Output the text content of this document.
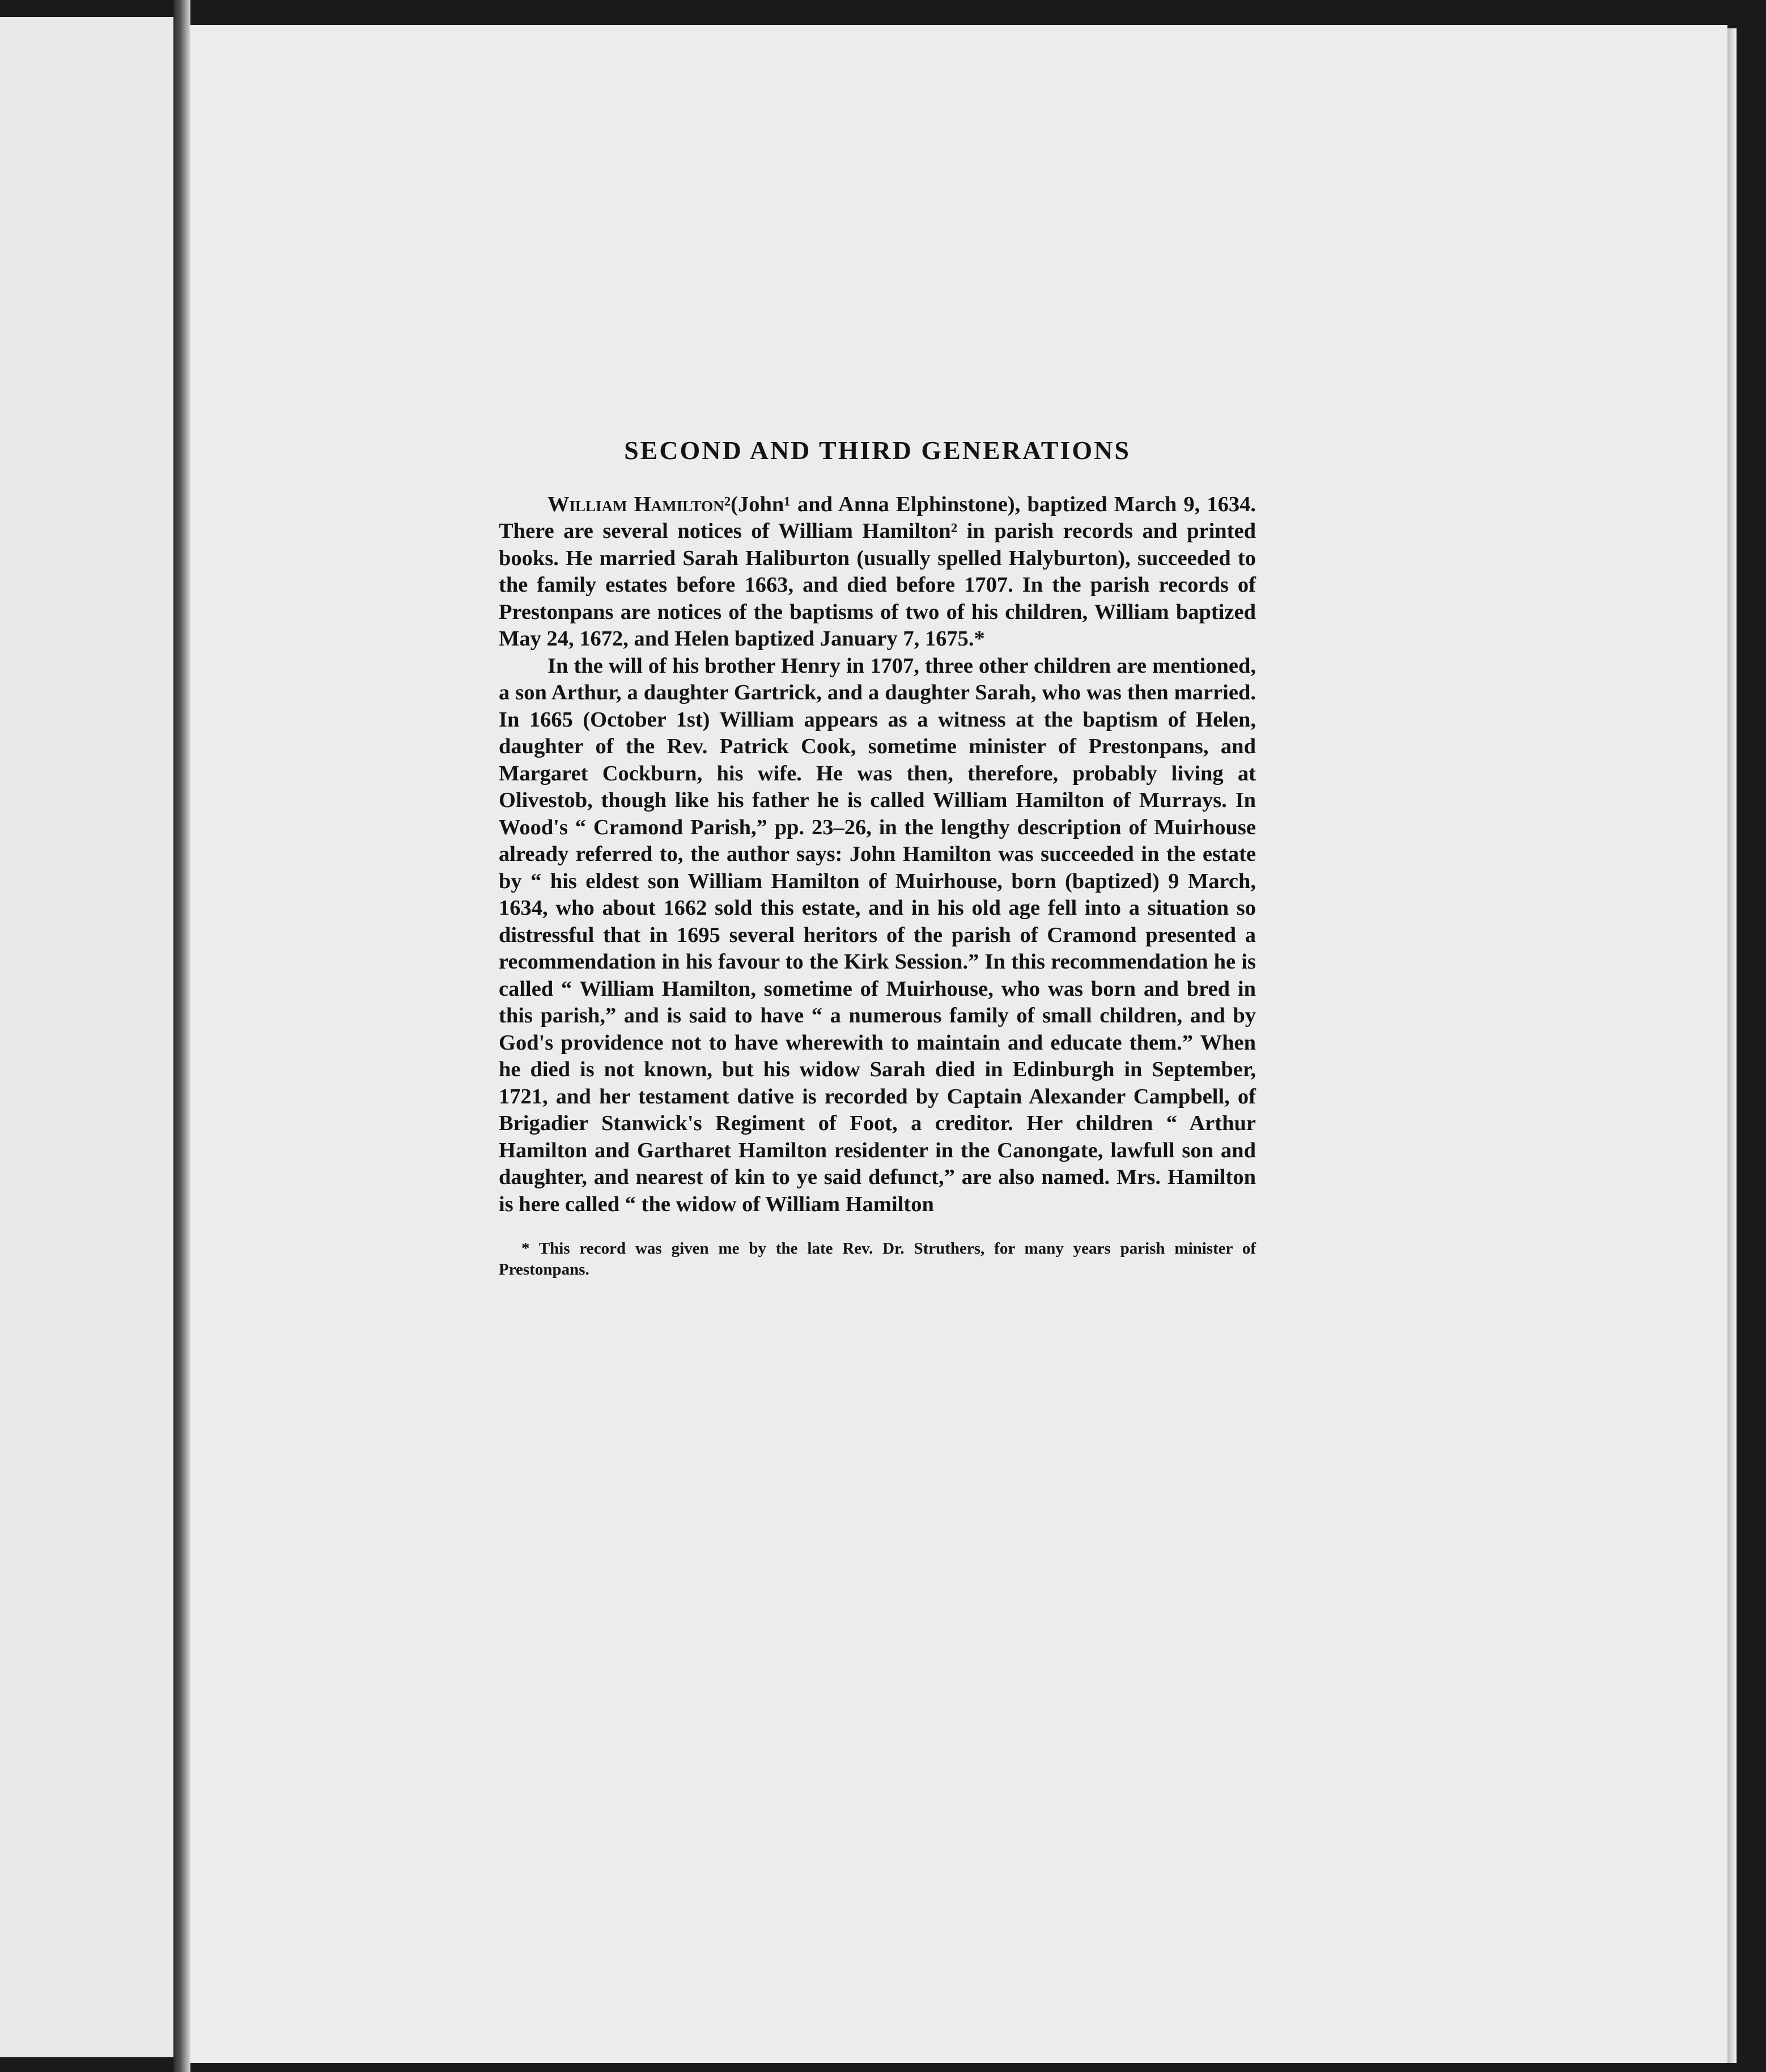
SECOND AND THIRD GENERATIONS

William Hamilton²(John¹ and Anna Elphinstone), baptized March 9, 1634. There are several notices of William Hamilton² in parish records and printed books. He married Sarah Haliburton (usually spelled Halyburton), succeeded to the family estates before 1663, and died before 1707. In the parish records of Prestonpans are notices of the baptisms of two of his children, William baptized May 24, 1672, and Helen baptized January 7, 1675.*

In the will of his brother Henry in 1707, three other children are mentioned, a son Arthur, a daughter Gartrick, and a daughter Sarah, who was then married. In 1665 (October 1st) William appears as a witness at the baptism of Helen, daughter of the Rev. Patrick Cook, sometime minister of Prestonpans, and Margaret Cockburn, his wife. He was then, therefore, probably living at Olivestob, though like his father he is called William Hamilton of Murrays. In Wood's “ Cramond Parish,” pp. 23–26, in the lengthy description of Muirhouse already referred to, the author says: John Hamilton was succeeded in the estate by “ his eldest son William Hamilton of Muirhouse, born (baptized) 9 March, 1634, who about 1662 sold this estate, and in his old age fell into a situation so distressful that in 1695 several heritors of the parish of Cramond presented a recommendation in his favour to the Kirk Session.” In this recommendation he is called “ William Hamilton, sometime of Muirhouse, who was born and bred in this parish,” and is said to have “ a numerous family of small children, and by God's providence not to have wherewith to maintain and educate them.” When he died is not known, but his widow Sarah died in Edinburgh in September, 1721, and her testament dative is recorded by Captain Alexander Campbell, of Brigadier Stanwick's Regiment of Foot, a creditor. Her children “ Arthur Hamilton and Gartharet Hamilton residenter in the Canongate, lawfull son and daughter, and nearest of kin to ye said defunct,” are also named. Mrs. Hamilton is here called “ the widow of William Hamilton

* This record was given me by the late Rev. Dr. Struthers, for many years parish minister of Prestonpans.
